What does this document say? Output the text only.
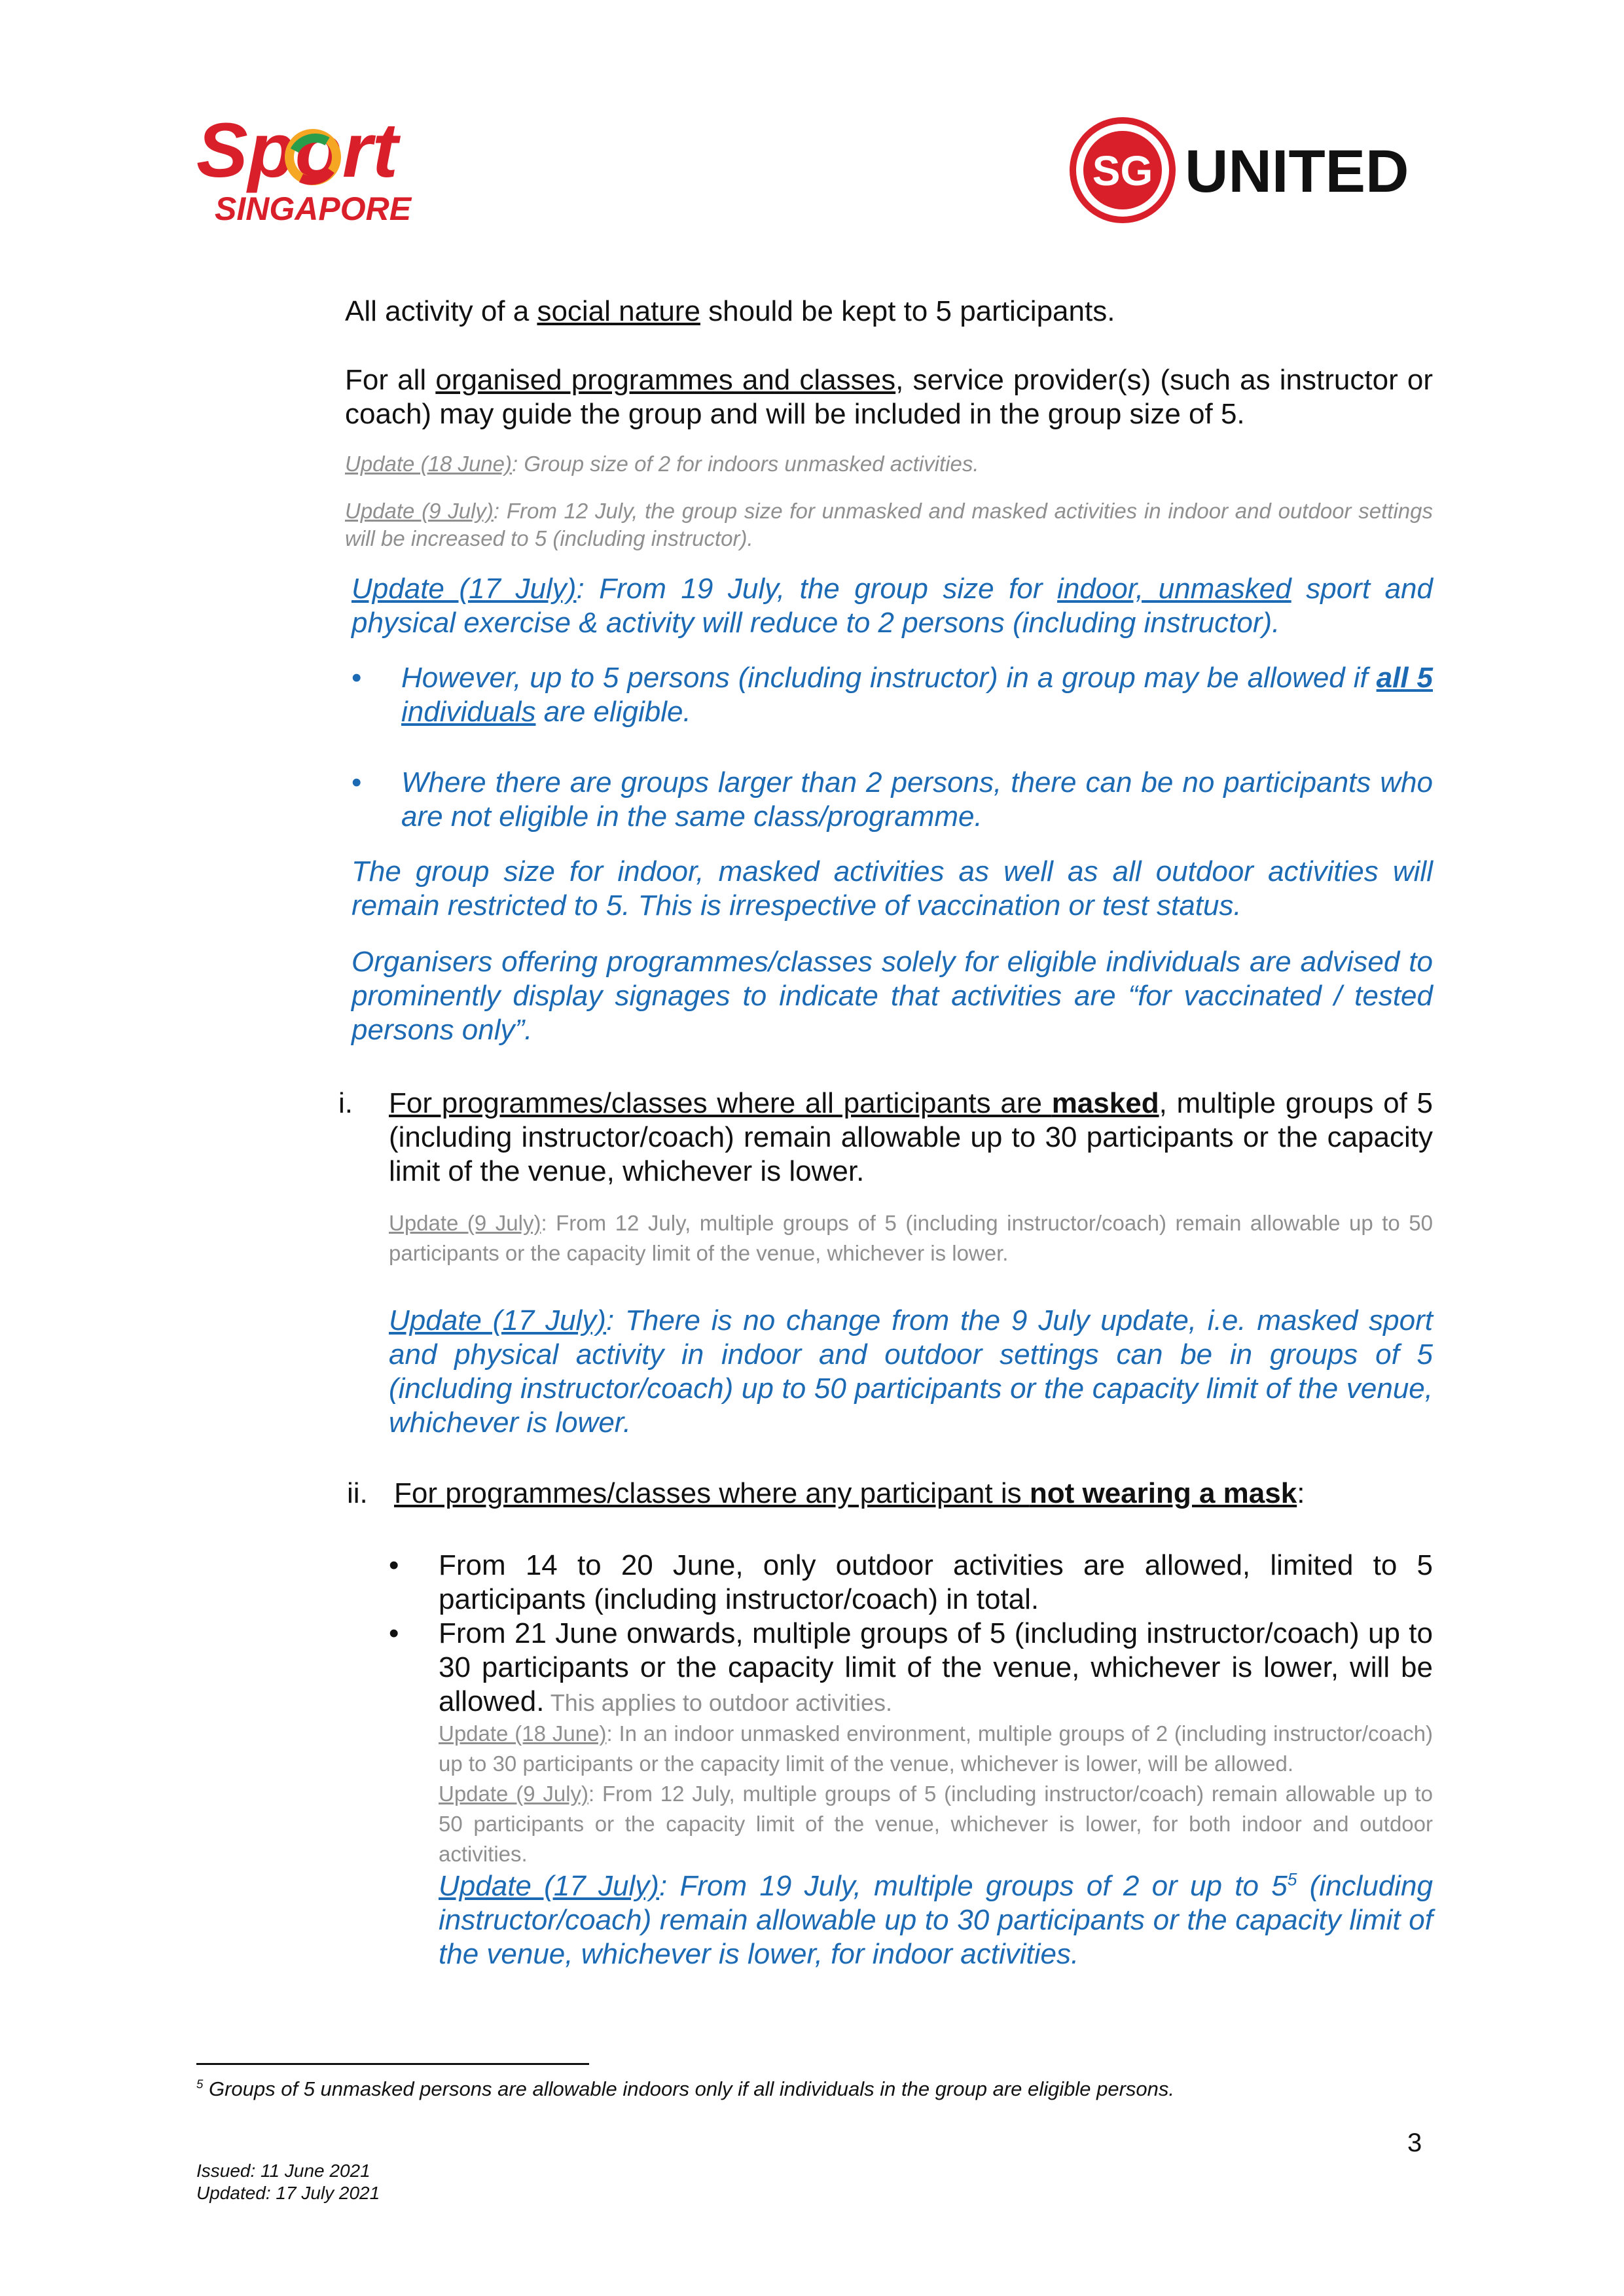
Sport
SINGAPORE
SG UNITED

All activity of a social nature should be kept to 5 participants.

For all organised programmes and classes, service provider(s) (such as instructor or coach) may guide the group and will be included in the group size of 5.

Update (18 June): Group size of 2 for indoors unmasked activities.

Update (9 July): From 12 July, the group size for unmasked and masked activities in indoor and outdoor settings will be increased to 5 (including instructor).

Update (17 July): From 19 July, the group size for indoor, unmasked sport and physical exercise & activity will reduce to 2 persons (including instructor).

•	However, up to 5 persons (including instructor) in a group may be allowed if all 5 individuals are eligible.

•	Where there are groups larger than 2 persons, there can be no participants who are not eligible in the same class/programme.

The group size for indoor, masked activities as well as all outdoor activities will remain restricted to 5. This is irrespective of vaccination or test status.

Organisers offering programmes/classes solely for eligible individuals are advised to prominently display signages to indicate that activities are “for vaccinated / tested persons only”.

i. For programmes/classes where all participants are masked, multiple groups of 5 (including instructor/coach) remain allowable up to 30 participants or the capacity limit of the venue, whichever is lower.

Update (9 July): From 12 July, multiple groups of 5 (including instructor/coach) remain allowable up to 50 participants or the capacity limit of the venue, whichever is lower.

Update (17 July): There is no change from the 9 July update, i.e. masked sport and physical activity in indoor and outdoor settings can be in groups of 5 (including instructor/coach) up to 50 participants or the capacity limit of the venue, whichever is lower.

ii. For programmes/classes where any participant is not wearing a mask:

•	From 14 to 20 June, only outdoor activities are allowed, limited to 5 participants (including instructor/coach) in total.

•	From 21 June onwards, multiple groups of 5 (including instructor/coach) up to 30 participants or the capacity limit of the venue, whichever is lower, will be allowed. This applies to outdoor activities.

Update (18 June): In an indoor unmasked environment, multiple groups of 2 (including instructor/coach) up to 30 participants or the capacity limit of the venue, whichever is lower, will be allowed.

Update (9 July): From 12 July, multiple groups of 5 (including instructor/coach) remain allowable up to 50 participants or the capacity limit of the venue, whichever is lower, for both indoor and outdoor activities.

Update (17 July): From 19 July, multiple groups of 2 or up to $5^5$ (including instructor/coach) remain allowable up to 30 participants or the capacity limit of the venue, whichever is lower, for indoor activities.

$^5$ Groups of 5 unmasked persons are allowable indoors only if all individuals in the group are eligible persons.
3
Issued: 11 June 2021
Updated: 17 July 2021
